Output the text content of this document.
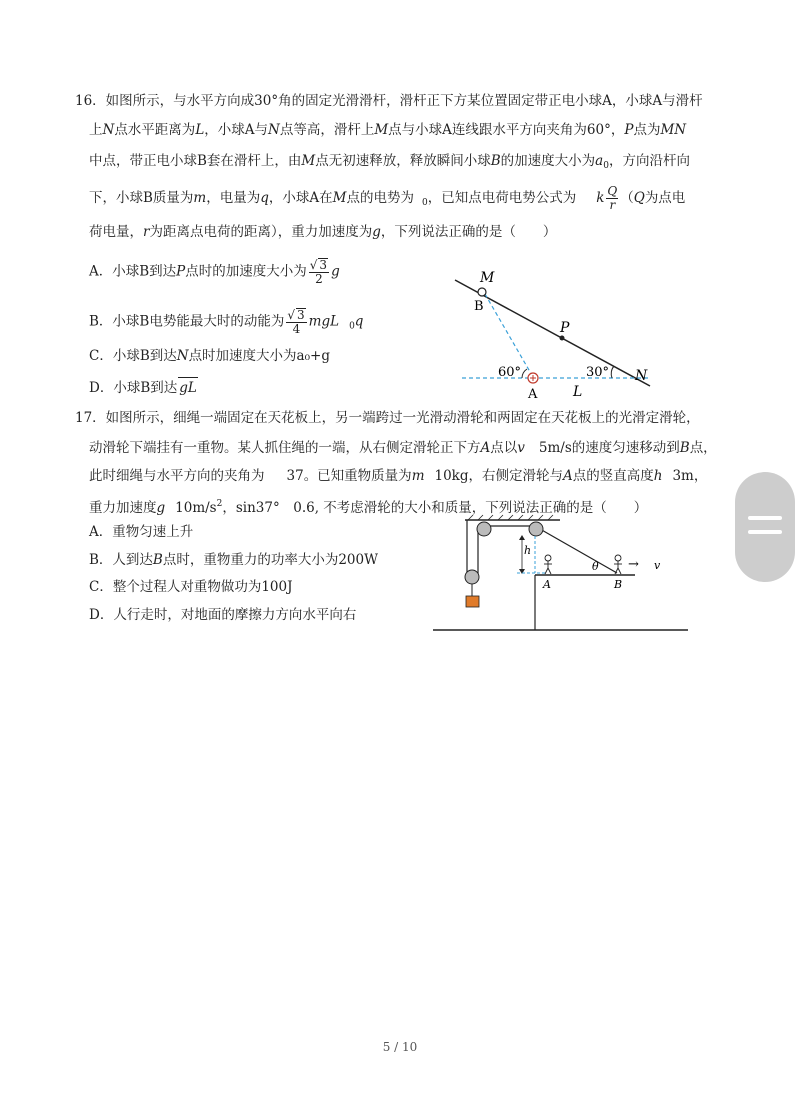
16．如图所示，与水平方向成30°角的固定光滑滑杆，滑杆正下方某位置固定带正电小球A，小球A与滑杆
上N点水平距离为L，小球A与N点等高，滑杆上M点与小球A连线跟水平方向夹角为60°，P点为MN
中点，带正电小球B套在滑杆上，由M点无初速释放，释放瞬间小球B的加速度大小为$a_0$，方向沿杆向
下，小球B质量为m，电量为q，小球A在M点的电势为 $_0$，已知点电荷电势公式为 k $\frac{Q}{r} (Q$为点电
荷电量，r为距离点电荷的距离），重力加速度为g，下列说法正确的是（　　）
A．小球B到达P点时的加速度大小为 $\frac{√ 3}{2}$ g
B．小球B电势能最大时的动能为 $\frac{√ 3}{4}$ mgL $_0$q
C．小球B到达N点时加速度大小为a₀+g
D．小球B到达 gL
M
B
P
N
A	L
60°	30°
17．如图所示，细绳一端固定在天花板上，另一端跨过一光滑动滑轮和两固定在天花板上的光滑定滑轮，
动滑轮下端挂有一重物。某人抓住绳的一端，从右侧定滑轮正下方A点以v 5m/s的速度匀速移动到B点，
此时细绳与水平方向的夹角为 37。已知重物质量为m 10kg，右侧定滑轮与A点的竖直高度h 3m，
重力加速度g $10m/s^2$，sin37°　0.6, 不考虑滑轮的大小和质量，下列说法正确的是（　　）
A．重物匀速上升
B．人到达B点时，重物重力的功率大小为200W
C．整个过程人对重物做功为100J
D．人行走时，对地面的摩擦力方向水平向右
h
θ
A	B
→ v
5 / 10
